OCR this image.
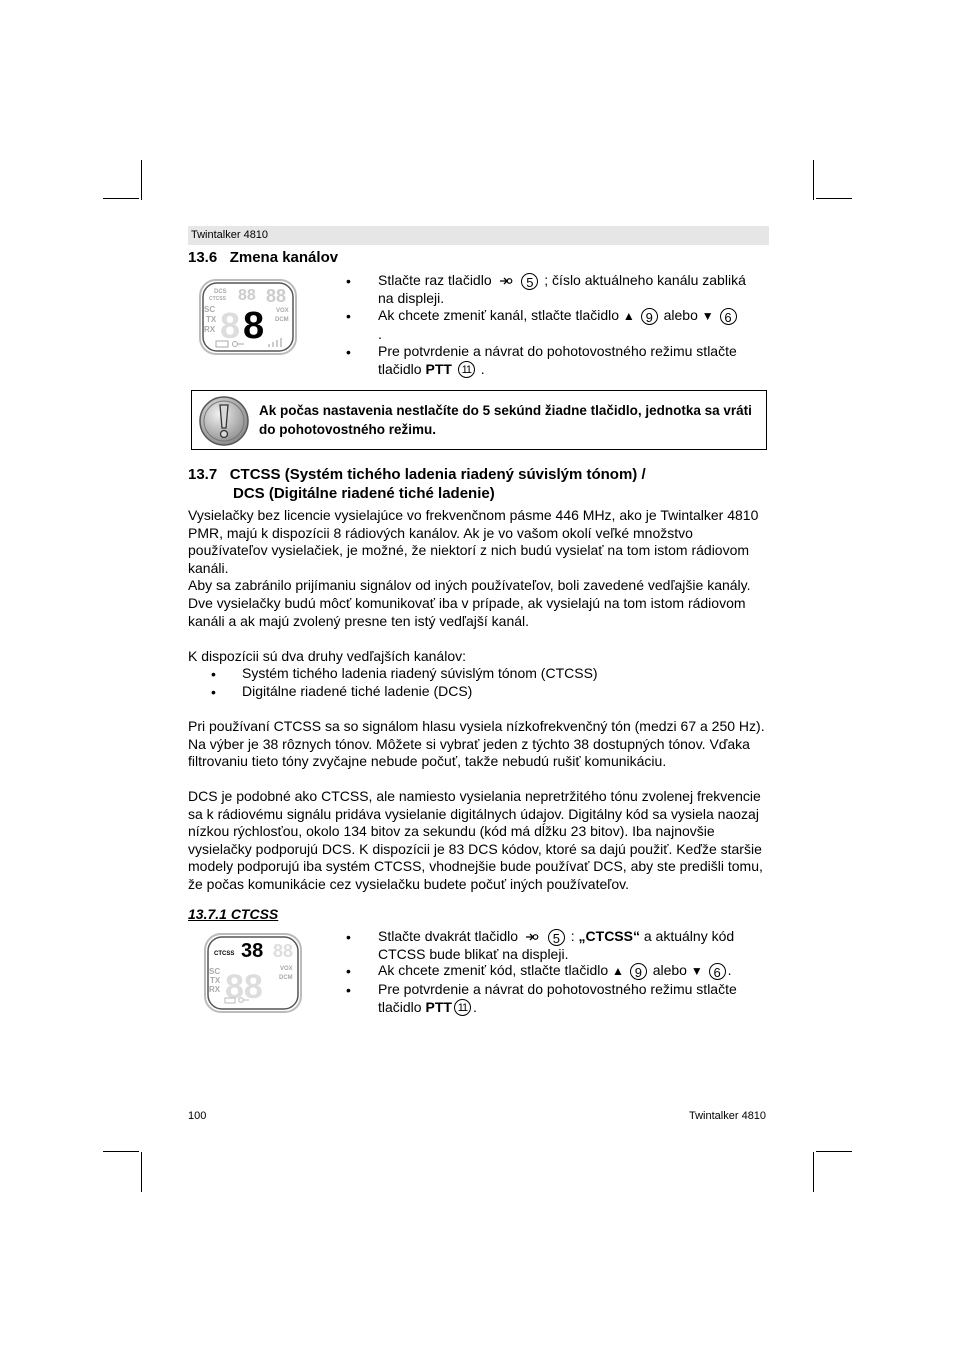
Twintalker 4810
13.6   Zmena kanálov
DCS
CTCSS 88 88
SC
TX
RX 8 8 VOX
DCM
• Stlačte raz tlačidlo	5 ; číslo aktuálneho kanálu zabliká
na displeji.
• Ak chcete zmeniť kanál, stlačte tlačidlo ▲ 9 alebo ▼ 6
.
• Pre potvrdenie a návrat do pohotovostného režimu stlačte
tlačidlo PTT 11 .
Ak počas nastavenia nestlačíte do 5 sekúnd žiadne tlačidlo, jednotka sa vráti do pohotovostného režimu.
13.7   CTCSS (Systém tichého ladenia riadený súvislým tónom) /
DCS (Digitálne riadené tiché ladenie)
Vysielačky bez licencie vysielajúce vo frekvenčnom pásme 446 MHz, ako je Twintalker 4810
PMR, majú k dispozícii 8 rádiových kanálov. Ak je vo vašom okolí veľké množstvo
používateľov vysielačiek, je možné, že niektorí z nich budú vysielať na tom istom rádiovom
kanáli.
Aby sa zabránilo prijímaniu signálov od iných používateľov, boli zavedené vedľajšie kanály.
Dve vysielačky budú môcť komunikovať iba v prípade, ak vysielajú na tom istom rádiovom
kanáli a ak majú zvolený presne ten istý vedľajší kanál.
K dispozícii sú dva druhy vedľajších kanálov:
• Systém tichého ladenia riadený súvislým tónom (CTCSS)
• Digitálne riadené tiché ladenie (DCS)
Pri používaní CTCSS sa so signálom hlasu vysiela nízkofrekvenčný tón (medzi 67 a 250 Hz).
Na výber je 38 rôznych tónov. Môžete si vybrať jeden z týchto 38 dostupných tónov. Vďaka
filtrovaniu tieto tóny zvyčajne nebude počuť, takže nebudú rušiť komunikáciu.
DCS je podobné ako CTCSS, ale namiesto vysielania nepretržitého tónu zvolenej frekvencie
sa k rádiovému signálu pridáva vysielanie digitálnych údajov. Digitálny kód sa vysiela naozaj
nízkou rýchlosťou, okolo 134 bitov za sekundu (kód má dĺžku 23 bitov). Iba najnovšie
vysielačky podporujú DCS. K dispozícii je 83 DCS kódov, ktoré sa dajú použiť. Keďže staršie
modely podporujú iba systém CTCSS, vhodnejšie bude používať DCS, aby ste predišli tomu,
že počas komunikácie cez vysielačku budete počuť iných používateľov.
13.7.1 CTCSS
CTCSS 38 88
SC
TX
RX 88	VOX
DCM
• Stlačte dvakrát tlačidlo	5 : „CTCSS“ a aktuálny kód
CTCSS bude blikať na displeji.
• Ak chcete zmeniť kód, stlačte tlačidlo ▲ 9 alebo ▼ 6 .
• Pre potvrdenie a návrat do pohotovostného režimu stlačte
tlačidlo PTT 11 .
100	Twintalker 4810
